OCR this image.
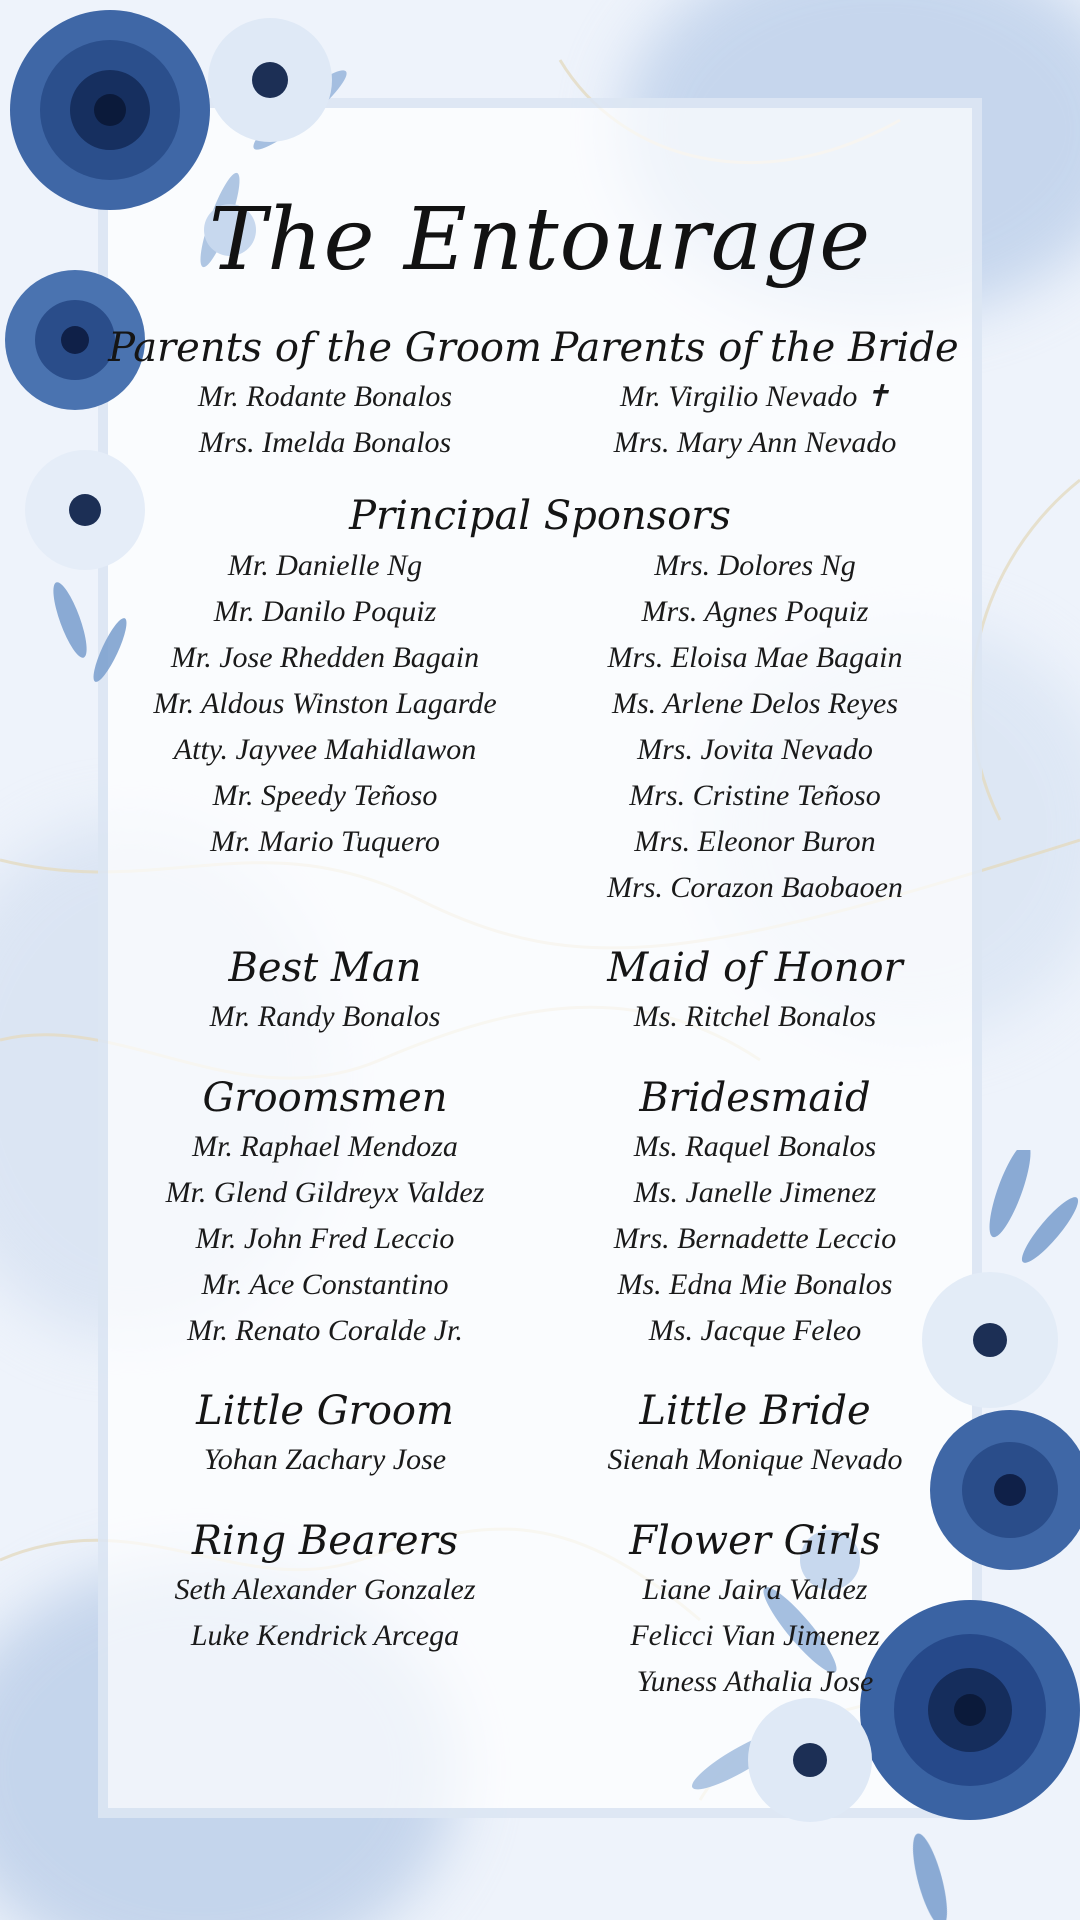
The Entourage
Parents of the Groom
Mr. Rodante Bonalos
Mrs. Imelda Bonalos
Parents of the Bride
Mr. Virgilio Nevado ✝
Mrs. Mary Ann Nevado
Principal Sponsors
Mr. Danielle Ng
Mr. Danilo Poquiz
Mr. Jose Rhedden Bagain
Mr. Aldous Winston Lagarde
Atty. Jayvee Mahidlawon
Mr. Speedy Teñoso
Mr. Mario Tuquero
Mrs. Dolores Ng
Mrs. Agnes Poquiz
Mrs. Eloisa Mae Bagain
Ms. Arlene Delos Reyes
Mrs. Jovita Nevado
Mrs. Cristine Teñoso
Mrs. Eleonor Buron
Mrs. Corazon Baobaoen
Best Man
Mr. Randy Bonalos
Maid of Honor
Ms. Ritchel Bonalos
Groomsmen
Mr. Raphael Mendoza
Mr. Glend Gildreyx Valdez
Mr. John Fred Leccio
Mr. Ace Constantino
Mr. Renato Coralde Jr.
Bridesmaid
Ms. Raquel Bonalos
Ms. Janelle Jimenez
Mrs. Bernadette Leccio
Ms. Edna Mie Bonalos
Ms. Jacque Feleo
Little Groom
Yohan Zachary Jose
Little Bride
Sienah Monique Nevado
Ring Bearers
Seth Alexander Gonzalez
Luke Kendrick Arcega
Flower Girls
Liane Jaira Valdez
Felicci Vian Jimenez
Yuness Athalia Jose
